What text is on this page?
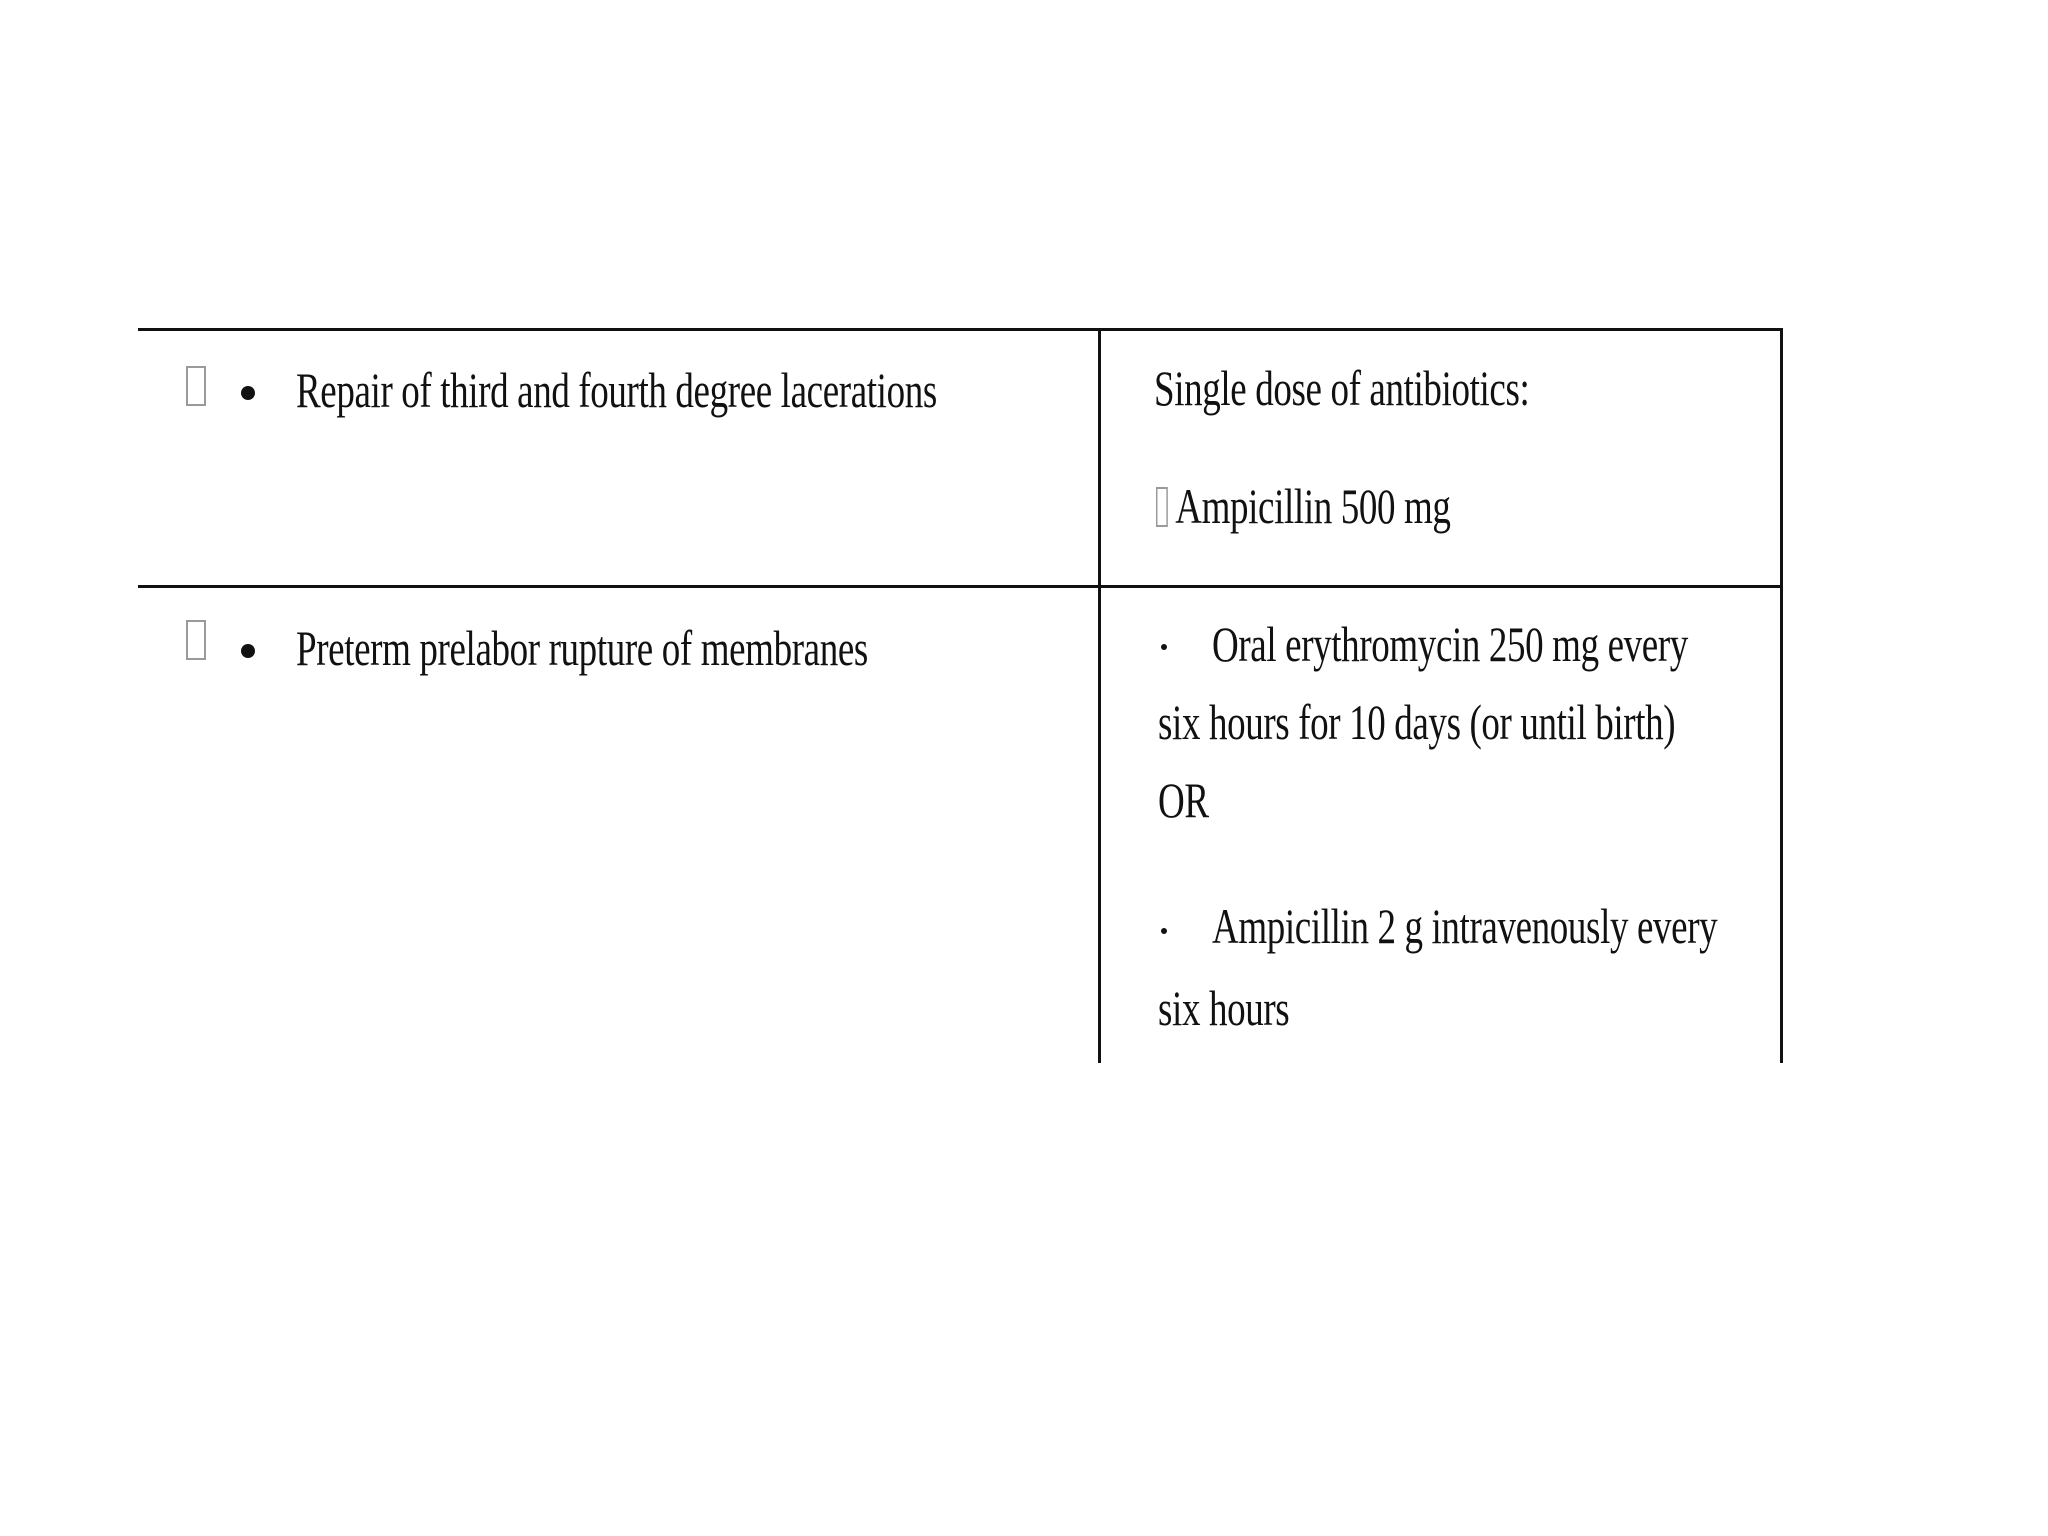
Repair of third and fourth degree lacerations	Single dose of antibiotics:
Ampicillin 500 mg
Preterm prelabor rupture of membranes	Oral erythromycin 250 mg every
six hours for 10 days (or until birth)
OR
Ampicillin 2 g intravenously every
six hours
